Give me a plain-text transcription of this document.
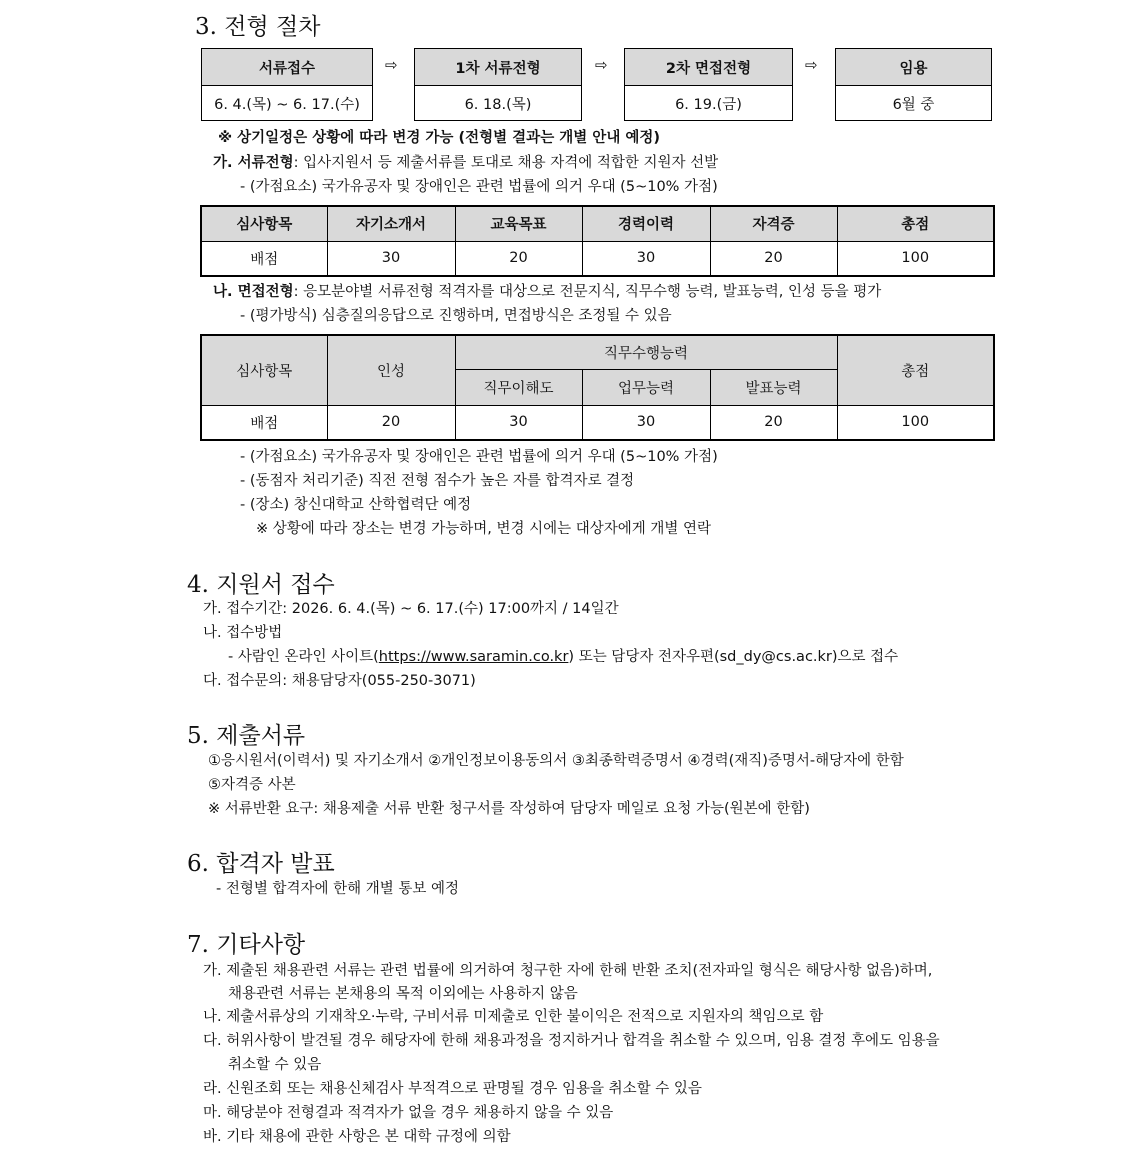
3. 전형 절차
서류접수
6. 4.(목) ~ 6. 17.(수)
⇨	1차 서류전형
6. 18.(목)
⇨	2차 면접전형
6. 19.(금)
⇨	임용
6월 중
※ 상기일정은 상황에 따라 변경 가능 (전형별 결과는 개별 안내 예정)
가. 서류전형: 입사지원서 등 제출서류를 토대로 채용 자격에 적합한 지원자 선발
- (가점요소) 국가유공자 및 장애인은 관련 법률에 의거 우대 (5~10% 가점)
심사항목	자기소개서	교육목표	경력이력	자격증	총점
배점	30	20	30	20	100
나. 면접전형: 응모분야별 서류전형 적격자를 대상으로 전문지식, 직무수행 능력, 발표능력, 인성 등을 평가
- (평가방식) 심층질의응답으로 진행하며, 면접방식은 조정될 수 있음
심사항목	인성	직무수행능력			총점
		직무이해도	업무능력	발표능력	
배점	20	30	30	20	100
- (가점요소) 국가유공자 및 장애인은 관련 법률에 의거 우대 (5~10% 가점)
- (동점자 처리기준) 직전 전형 점수가 높은 자를 합격자로 결정
- (장소) 창신대학교 산학협력단 예정
※ 상황에 따라 장소는 변경 가능하며, 변경 시에는 대상자에게 개별 연락
4. 지원서 접수
가. 접수기간: 2026. 6. 4.(목) ~ 6. 17.(수) 17:00까지 / 14일간
나. 접수방법
- 사람인 온라인 사이트(https://www.saramin.co.kr) 또는 담당자 전자우편(sd_dy@cs.ac.kr)으로 접수
다. 접수문의: 채용담당자(055-250-3071)
5. 제출서류
①응시원서(이력서) 및 자기소개서 ②개인정보이용동의서 ③최종학력증명서 ④경력(재직)증명서-해당자에 한함
⑤자격증 사본
※ 서류반환 요구: 채용제출 서류 반환 청구서를 작성하여 담당자 메일로 요청 가능(원본에 한함)
6. 합격자 발표
- 전형별 합격자에 한해 개별 통보 예정
7. 기타사항
가. 제출된 채용관련 서류는 관련 법률에 의거하여 청구한 자에 한해 반환 조치(전자파일 형식은 해당사항 없음)하며,
채용관련 서류는 본채용의 목적 이외에는 사용하지 않음
나. 제출서류상의 기재착오·누락, 구비서류 미제출로 인한 불이익은 전적으로 지원자의 책임으로 함
다. 허위사항이 발견될 경우 해당자에 한해 채용과정을 정지하거나 합격을 취소할 수 있으며, 임용 결정 후에도 임용을
취소할 수 있음
라. 신원조회 또는 채용신체검사 부적격으로 판명될 경우 임용을 취소할 수 있음
마. 해당분야 전형결과 적격자가 없을 경우 채용하지 않을 수 있음
바. 기타 채용에 관한 사항은 본 대학 규정에 의함
